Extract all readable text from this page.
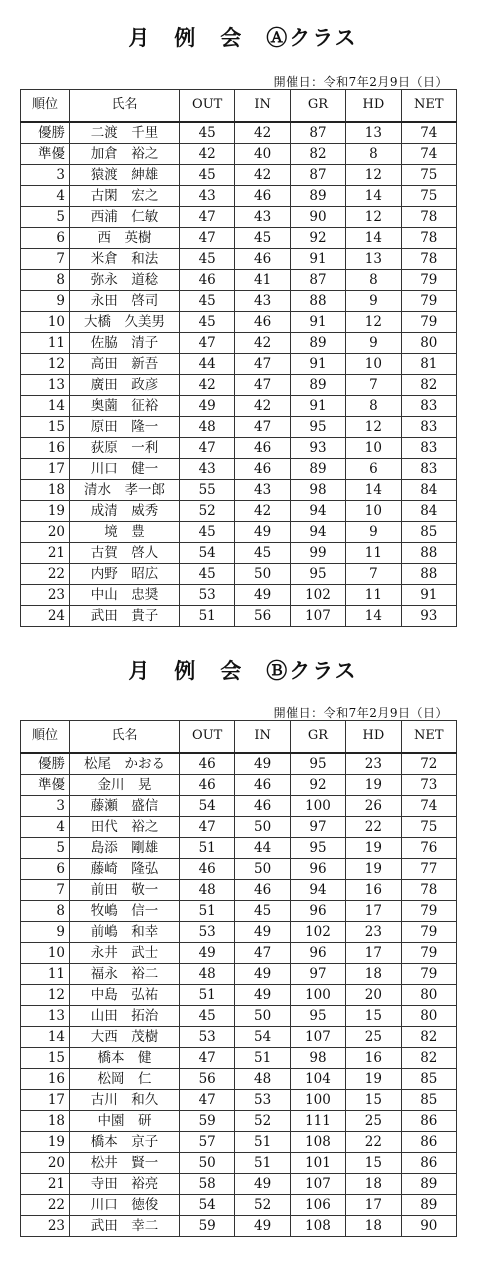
月　例　会　Ⓐクラス
開催日：令和7年2月9日（日）
順位	氏名	OUT	IN	GR	HD	NET
優勝	二渡　千里	45	42	87	13	74
準優	加倉　裕之	42	40	82	8	74
3	猿渡　紳雄	45	42	87	12	75
4	古閑　宏之	43	46	89	14	75
5	西浦　仁敏	47	43	90	12	78
6	西　英樹	47	45	92	14	78
7	米倉　和法	45	46	91	13	78
8	弥永　道稔	46	41	87	8	79
9	永田　啓司	45	43	88	9	79
10	大橋　久美男	45	46	91	12	79
11	佐脇　清子	47	42	89	9	80
12	高田　新吾	44	47	91	10	81
13	廣田　政彦	42	47	89	7	82
14	奥薗　征裕	49	42	91	8	83
15	原田　隆一	48	47	95	12	83
16	荻原　一利	47	46	93	10	83
17	川口　健一	43	46	89	6	83
18	清水　孝一郎	55	43	98	14	84
19	成清　威秀	52	42	94	10	84
20	境　豊	45	49	94	9	85
21	古賀　啓人	54	45	99	11	88
22	内野　昭広	45	50	95	7	88
23	中山　忠奨	53	49	102	11	91
24	武田　貴子	51	56	107	14	93
月　例　会　Ⓑクラス
開催日：令和7年2月9日（日）
順位	氏名	OUT	IN	GR	HD	NET
優勝	松尾　かおる	46	49	95	23	72
準優	金川　晃	46	46	92	19	73
3	藤瀬　盛信	54	46	100	26	74
4	田代　裕之	47	50	97	22	75
5	島添　剛雄	51	44	95	19	76
6	藤崎　隆弘	46	50	96	19	77
7	前田　敬一	48	46	94	16	78
8	牧嶋　信一	51	45	96	17	79
9	前嶋　和幸	53	49	102	23	79
10	永井　武士	49	47	96	17	79
11	福永　裕二	48	49	97	18	79
12	中島　弘祐	51	49	100	20	80
13	山田　拓治	45	50	95	15	80
14	大西　茂樹	53	54	107	25	82
15	橋本　健	47	51	98	16	82
16	松岡　仁	56	48	104	19	85
17	古川　和久	47	53	100	15	85
18	中園　研	59	52	111	25	86
19	橋本　京子	57	51	108	22	86
20	松井　賢一	50	51	101	15	86
21	寺田　裕亮	58	49	107	18	89
22	川口　徳俊	54	52	106	17	89
23	武田　幸二	59	49	108	18	90
